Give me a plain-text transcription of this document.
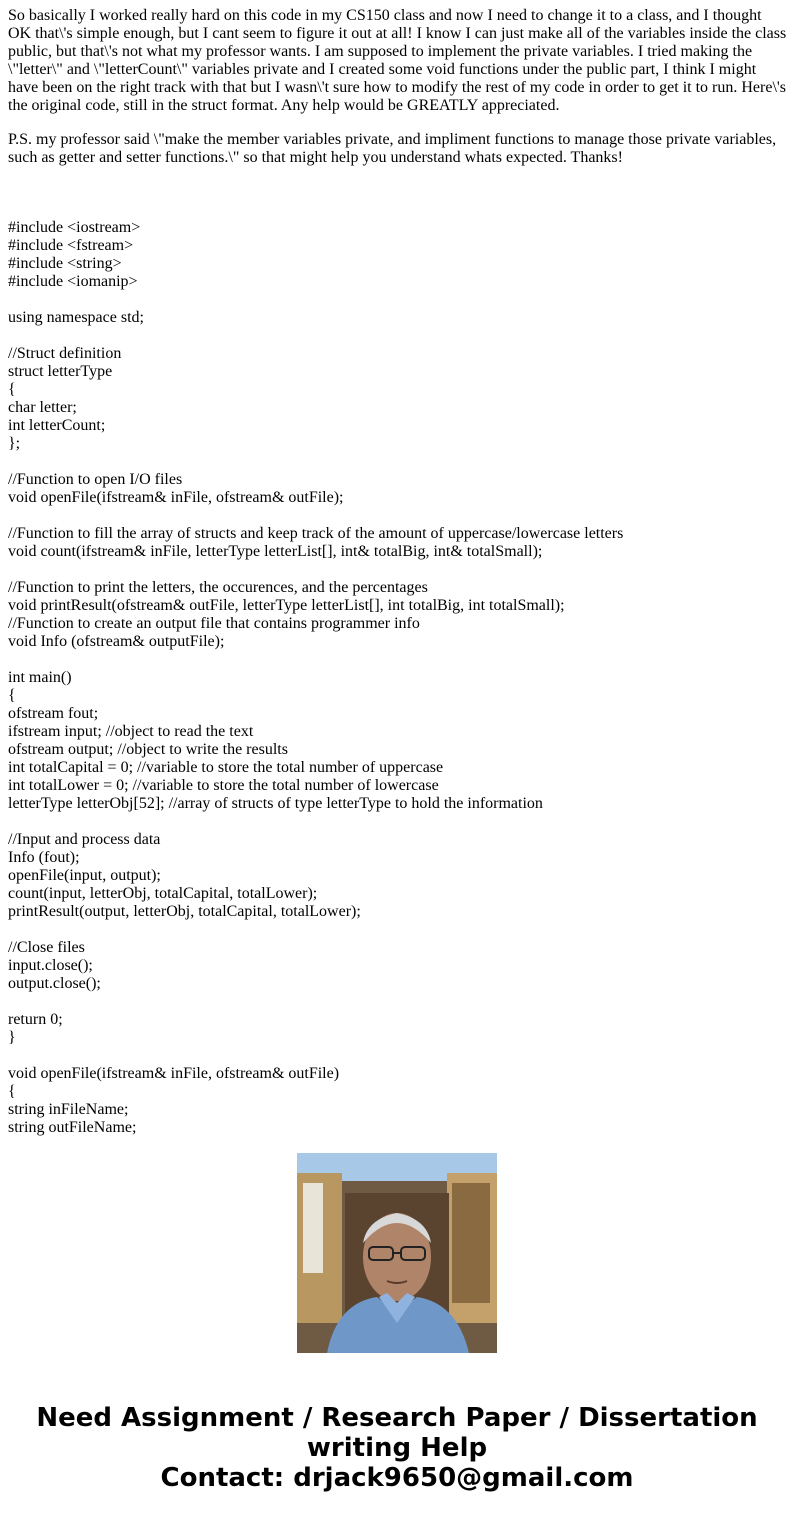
So basically I worked really hard on this code in my CS150 class and now I need to change it to a class, and I thought OK that\'s simple enough, but I cant seem to figure it out at all! I know I can just make all of the variables inside the class public, but that\'s not what my professor wants. I am supposed to implement the private variables. I tried making the \"letter\" and \"letterCount\" variables private and I created some void functions under the public part, I think I might have been on the right track with that but I wasn\'t sure how to modify the rest of my code in order to get it to run. Here\'s the original code, still in the struct format. Any help would be GREATLY appreciated.

P.S. my professor said \"make the member variables private, and impliment functions to manage those private variables, such as getter and setter functions.\" so that might help you understand whats expected. Thanks!

#include <iostream>
#include <fstream>
#include <string>
#include <iomanip>
using namespace std;
//Struct definition
struct letterType
{
char letter;
int letterCount;
};
//Function to open I/O files
void openFile(ifstream& inFile, ofstream& outFile);
//Function to fill the array of structs and keep track of the amount of uppercase/lowercase letters
void count(ifstream& inFile, letterType letterList[], int& totalBig, int& totalSmall);
//Function to print the letters, the occurences, and the percentages
void printResult(ofstream& outFile, letterType letterList[], int totalBig, int totalSmall);
//Function to create an output file that contains programmer info
void Info (ofstream& outputFile);
int main()
{
ofstream fout;
ifstream input; //object to read the text
ofstream output; //object to write the results
int totalCapital = 0; //variable to store the total number of uppercase
int totalLower = 0; //variable to store the total number of lowercase
letterType letterObj[52]; //array of structs of type letterType to hold the information
//Input and process data
Info (fout);
openFile(input, output);
count(input, letterObj, totalCapital, totalLower);
printResult(output, letterObj, totalCapital, totalLower);
//Close files
input.close();
output.close();
return 0;
}
void openFile(ifstream& inFile, ofstream& outFile)
{
string inFileName;
string outFileName;
Need Assignment / Research Paper / Dissertation
writing Help
Contact: drjack9650@gmail.com
